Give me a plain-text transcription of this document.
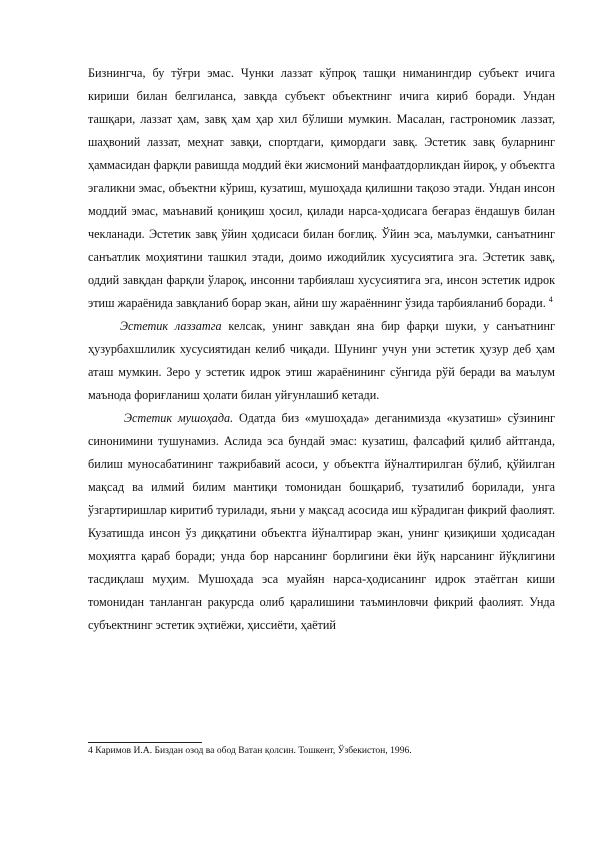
Бизнингча, бу тўғри эмас. Чунки лаззат кўпроқ ташқи ниманингдир субъект ичига кириши билан белгиланса, завқда субъект объектнинг ичига кириб боради. Ундан ташқари, лаззат ҳам, завқ ҳам ҳар хил бўлиши мумкин. Масалан, гастрономик лаззат, шаҳвоний лаззат, меҳнат завқи, спортдаги, қимордаги завқ. Эстетик завқ буларнинг ҳаммасидан фарқли равишда моддий ёки жисмоний манфаатдорликдан йироқ, у объектга эгаликни эмас, объектни кўриш, кузатиш, мушоҳада қилишни тақозо этади. Ундан инсон моддий эмас, маънавий қониқиш ҳосил, қилади нарса-ҳодисага беғараз ёндашув билан чекланади. Эстетик завқ ўйин ҳодисаси билан боғлиқ. Ўйин эса, маълумки, санъатнинг санъатлик моҳиятини ташкил этади, доимо ижодийлик хусусиятига эга. Эстетик завқ, оддий завқдан фарқли ўлароқ, инсонни тарбиялаш хусусиятига эга, инсон эстетик идрок этиш жараёнида завқланиб борар экан, айни шу жараённинг ўзида тарбияланиб боради. $^4$

Эстетик лаззатга келсак, унинг завқдан яна бир фарқи шуки, у санъатнинг ҳузурбахшлилик хусусиятидан келиб чиқади. Шунинг учун уни эстетик ҳузур деб ҳам аташ мумкин. Зеро у эстетик идрок этиш жараёнининг сўнгида рўй беради ва маълум маънода фориғланиш ҳолати билан уйғунлашиб кетади.

Эстетик мушоҳада. Одатда биз «мушоҳада» деганимизда «кузатиш» сўзининг синонимини тушунамиз. Аслида эса бундай эмас: кузатиш, фалсафий қилиб айтганда, билиш муносабатининг тажрибавий асоси, у объектга йўналтирилган бўлиб, қўйилган мақсад ва илмий билим мантиқи томонидан бошқариб, тузатилиб борилади, унга ўзгартиришлар киритиб турилади, яъни у мақсад асосида иш кўрадиган фикрий фаолият. Кузатишда инсон ўз диққатини объектга йўналтирар экан, унинг қизиқиши ҳодисадан моҳиятга қараб боради; унда бор нарсанинг борлигини ёки йўқ нарсанинг йўқлигини тасдиқлаш муҳим. Мушоҳада эса муайян нарса-ҳодисанинг идрок этаётган киши томонидан танланган ракурсда олиб қаралишини таъминловчи фикрий фаолият. Унда субъектнинг эстетик эҳтиёжи, ҳиссиёти, ҳаётий

4 Каримов И.А. Биздан озод ва обод Ватан қолсин. Тошкент, Ўзбекистон, 1996.
